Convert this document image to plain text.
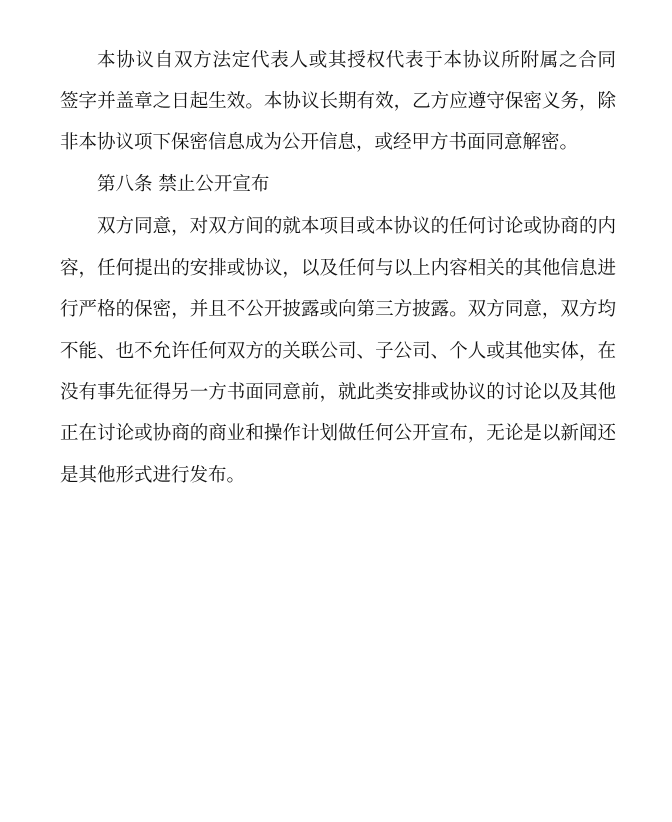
本协议自双方法定代表人或其授权代表于本协议所附属之合同

签字并盖章之日起生效。本协议长期有效，乙方应遵守保密义务，除

非本协议项下保密信息成为公开信息，或经甲方书面同意解密。

第八条 禁止公开宣布

双方同意，对双方间的就本项目或本协议的任何讨论或协商的内

容，任何提出的安排或协议，以及任何与以上内容相关的其他信息进

行严格的保密，并且不公开披露或向第三方披露。双方同意，双方均

不能、也不允许任何双方的关联公司、子公司、个人或其他实体，在

没有事先征得另一方书面同意前，就此类安排或协议的讨论以及其他

正在讨论或协商的商业和操作计划做任何公开宣布，无论是以新闻还

是其他形式进行发布。
